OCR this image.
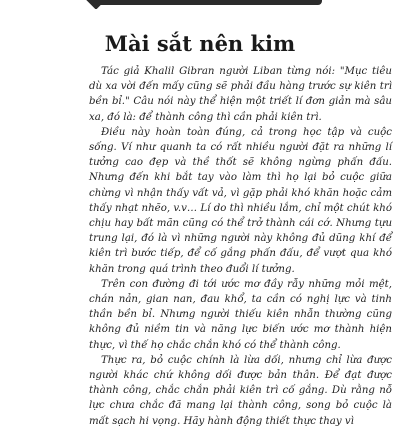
Mài sắt nên kim

Tác giả Khalil Gibran người Liban từng nói: "Mục tiêu dù xa vời đến mấy cũng sẽ phải đầu hàng trước sự kiên trì bền bỉ." Câu nói này thể hiện một triết lí đơn giản mà sâu xa, đó là: để thành công thì cần phải kiên trì.

Điều này hoàn toàn đúng, cả trong học tập và cuộc sống. Ví như quanh ta có rất nhiều người đặt ra những lí tưởng cao đẹp và thề thốt sẽ không ngừng phấn đấu. Nhưng đến khi bắt tay vào làm thì họ lại bỏ cuộc giữa chừng vì nhận thấy vất vả, vì gặp phải khó khăn hoặc cảm thấy nhạt nhẽo, v.v… Lí do thì nhiều lắm, chỉ một chút khó chịu hay bất mãn cũng có thể trở thành cái cớ. Nhưng tựu trung lại, đó là vì những người này không đủ dũng khí để kiên trì bước tiếp, để cố gắng phấn đấu, để vượt qua khó khăn trong quá trình theo đuổi lí tưởng.

Trên con đường đi tới ước mơ đầy rẫy những mỏi mệt, chán nản, gian nan, đau khổ, ta cần có nghị lực và tinh thần bền bỉ. Nhưng người thiếu kiên nhẫn thường cũng không đủ niềm tin và năng lực biến ước mơ thành hiện thực, vì thế họ chắc chắn khó có thể thành công.

Thực ra, bỏ cuộc chính là lừa dối, nhưng chỉ lừa được người khác chứ không dối được bản thân. Để đạt được thành công, chắc chắn phải kiên trì cố gắng. Dù rằng nỗ lực chưa chắc đã mang lại thành công, song bỏ cuộc là mất sạch hi vọng. Hãy hành động thiết thực thay vì
